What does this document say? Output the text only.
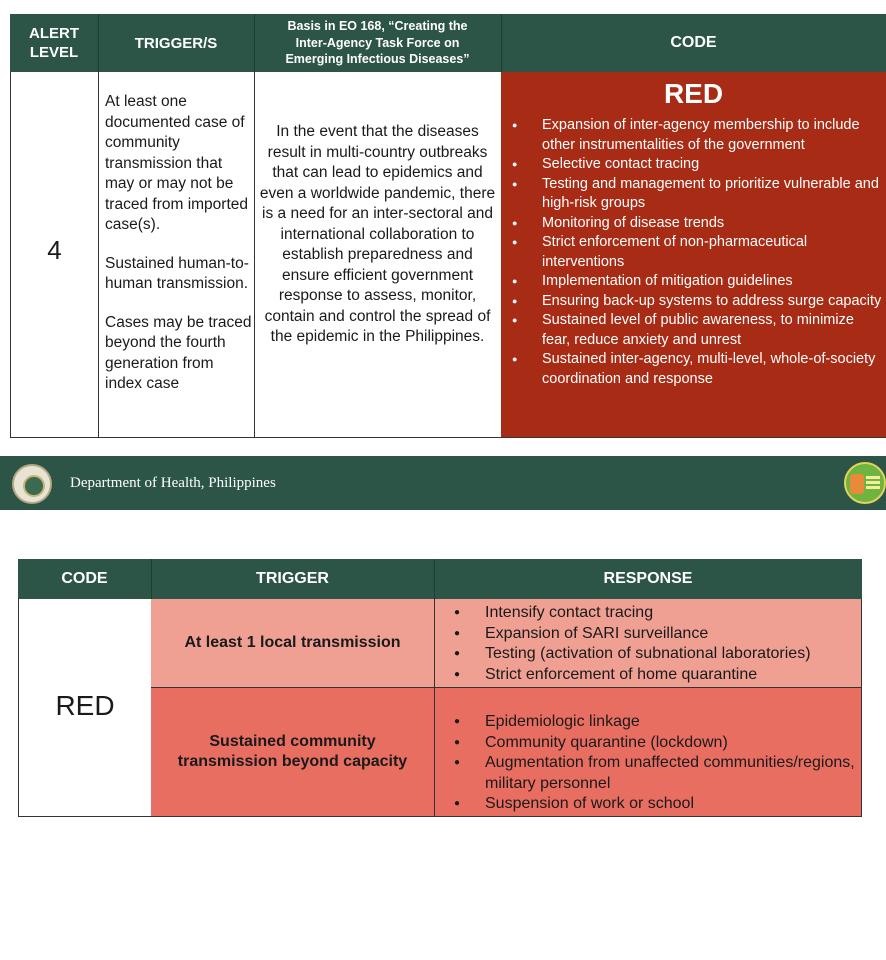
ALERT
LEVEL
TRIGGER/S
Basis in EO 168, “Creating the
Inter-Agency Task Force on
Emerging Infectious Diseases”
CODE
4

At least one documented case of community transmission that may or may not be traced from imported case(s).

Sustained human-to-human transmission.

Cases may be traced beyond the fourth generation from index case

In the event that the diseases result in multi-country outbreaks that can lead to epidemics and even a worldwide pandemic, there is a need for an inter-sectoral and international collaboration to establish preparedness and ensure efficient government response to assess, monitor, contain and control the spread of the epidemic in the Philippines.
RED
● Expansion of inter-agency membership to include other instrumentalities of the government
● Selective contact tracing
● Testing and management to prioritize vulnerable and high-risk groups
● Monitoring of disease trends
● Strict enforcement of non-pharmaceutical interventions
● Implementation of mitigation guidelines
● Ensuring back-up systems to address surge capacity
● Sustained level of public awareness, to minimize fear, reduce anxiety and unrest
● Sustained inter-agency, multi-level, whole-of-society coordination and response
Department of Health, Philippines
CODE	TRIGGER	RESPONSE
RED
At least 1 local transmission
● Intensify contact tracing
● Expansion of SARI surveillance
● Testing (activation of subnational laboratories)
● Strict enforcement of home quarantine
Sustained community
transmission beyond capacity
● Epidemiologic linkage
● Community quarantine (lockdown)
● Augmentation from unaffected communities/regions, military personnel
● Suspension of work or school
